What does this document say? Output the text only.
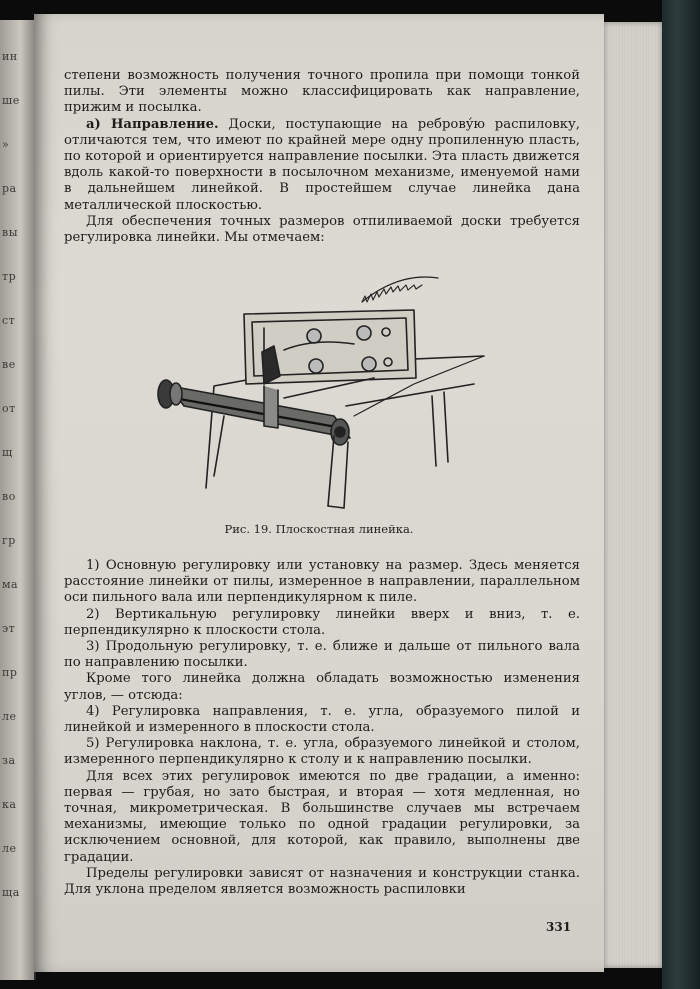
ин
ше
»
ра
вы
тр
ст
ве
от
щ
во
гр
ма
эт
пр
ле
за
ка
ле
ща

степени возможность получения точного пропила при помощи тонкой пилы. Эти элементы можно классифицировать как направление, прижим и посылка.

а) Направление. Доски, поступающие на реброву́ю распиловку, отличаются тем, что имеют по крайней мере одну пропиленную пласть, по которой и ориентируется направление посылки. Эта пласть движется вдоль какой-то поверхности в посылочном механизме, именуемой нами в дальнейшем линейкой. В простейшем случае линейка дана металлической плоскостью.

Для обеспечения точных размеров отпиливаемой доски требуется регулировка линейки. Мы отмечаем:

Рис. 19. Плоскостная линейка.

1) Основную регулировку или установку на размер. Здесь меняется расстояние линейки от пилы, измеренное в направлении, параллельном оси пильного вала или перпендикулярном к пиле.

2) Вертикальную регулировку линейки вверх и вниз, т. е. перпендикулярно к плоскости стола.

3) Продольную регулировку, т. е. ближе и дальше от пильного вала по направлению посылки.

Кроме того линейка должна обладать возможностью изменения углов, — отсюда:

4) Регулировка направления, т. е. угла, образуемого пилой и линейкой и измеренного в плоскости стола.

5) Регулировка наклона, т. е. угла, образуемого линейкой и столом, измеренного перпендикулярно к столу и к направлению посылки.

Для всех этих регулировок имеются по две градации, а именно: первая — грубая, но зато быстрая, и вторая — хотя медленная, но точная, микрометрическая. В большинстве случаев мы встречаем механизмы, имеющие только по одной градации регулировки, за исключением основной, для которой, как правило, выполнены две градации.

Пределы регулировки зависят от назначения и конструкции станка. Для уклона пределом является возможность распиловки

331
